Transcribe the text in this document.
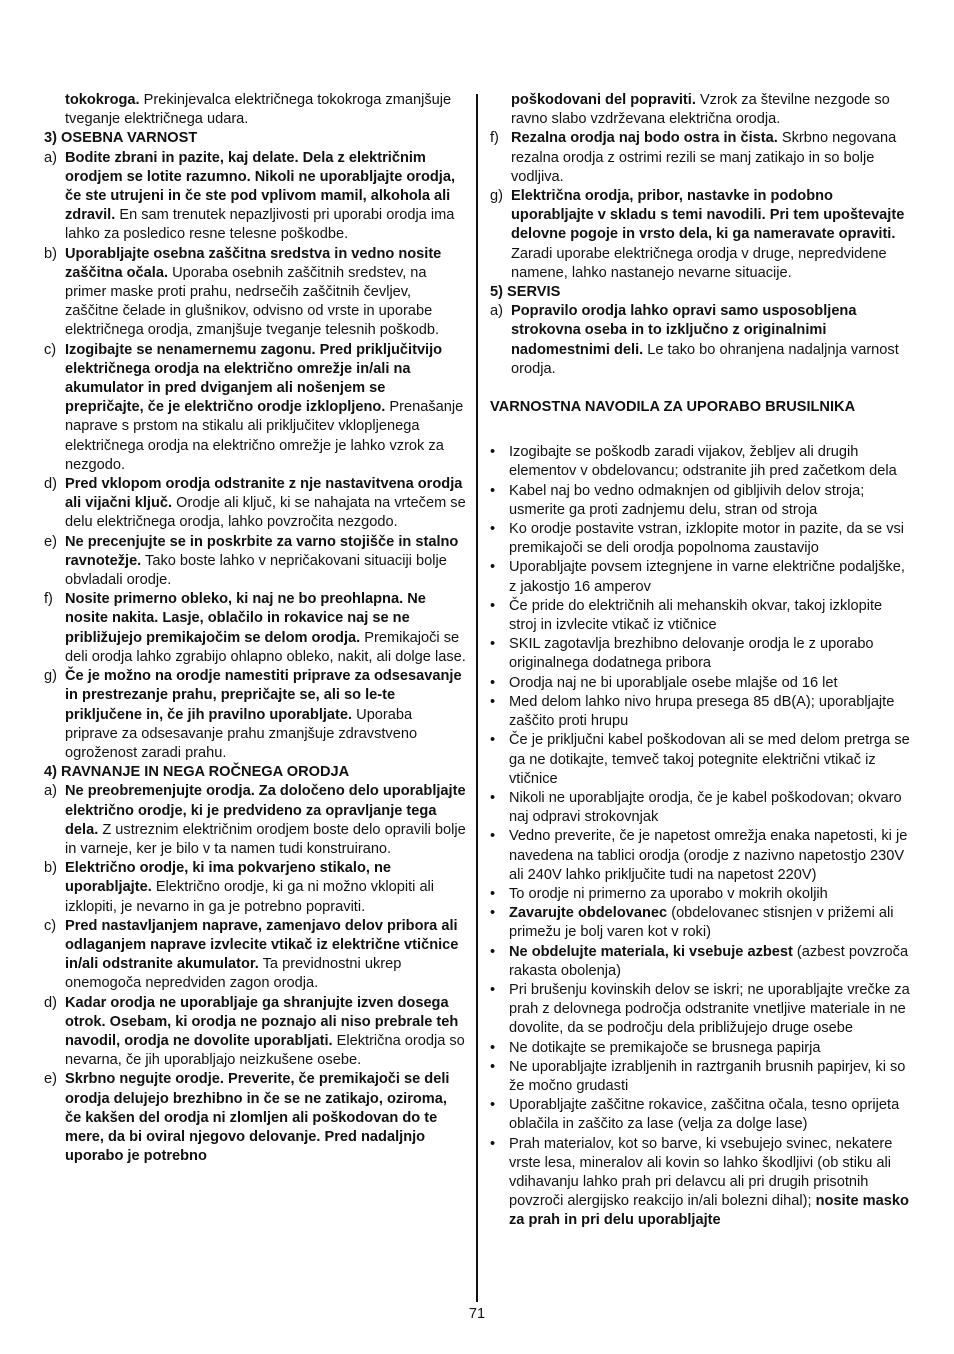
tokokroga. Prekinjevalca električnega tokokroga zmanjšuje tveganje električnega udara.
3) OSEBNA VARNOST
a) Bodite zbrani in pazite, kaj delate. Dela z električnim orodjem se lotite razumno. Nikoli ne uporabljajte orodja, če ste utrujeni in če ste pod vplivom mamil, alkohola ali zdravil. En sam trenutek nepazljivosti pri uporabi orodja ima lahko za posledico resne telesne poškodbe.
b) Uporabljajte osebna zaščitna sredstva in vedno nosite zaščitna očala. Uporaba osebnih zaščitnih sredstev, na primer maske proti prahu, nedrsečih zaščitnih čevljev, zaščitne čelade in glušnikov, odvisno od vrste in uporabe električnega orodja, zmanjšuje tveganje telesnih poškodb.
c) Izogibajte se nenamernemu zagonu. Pred priključitvijo električnega orodja na električno omrežje in/ali na akumulator in pred dviganjem ali nošenjem se prepričajte, če je električno orodje izklopljeno. Prenašanje naprave s prstom na stikalu ali priključitev vklopljenega električnega orodja na električno omrežje je lahko vzrok za nezgodo.
d) Pred vklopom orodja odstranite z nje nastavitvena orodja ali vijačni ključ. Orodje ali ključ, ki se nahajata na vrtečem se delu električnega orodja, lahko povzročita nezgodo.
e) Ne precenjujte se in poskrbite za varno stojišče in stalno ravnotežje. Tako boste lahko v nepričakovani situaciji bolje obvladali orodje.
f) Nosite primerno obleko, ki naj ne bo preohlapna. Ne nosite nakita. Lasje, oblačilo in rokavice naj se ne približujejo premikajočim se delom orodja. Premikajoči se deli orodja lahko zgrabijo ohlapno obleko, nakit, ali dolge lase.
g) Če je možno na orodje namestiti priprave za odsesavanje in prestrezanje prahu, prepričajte se, ali so le-te priključene in, če jih pravilno uporabljate. Uporaba priprave za odsesavanje prahu zmanjšuje zdravstveno ogroženost zaradi prahu.
4) RAVNANJE IN NEGA ROČNEGA ORODJA
a) Ne preobremenjujte orodja. Za določeno delo uporabljajte električno orodje, ki je predvideno za opravljanje tega dela. Z ustreznim električnim orodjem boste delo opravili bolje in varneje, ker je bilo v ta namen tudi konstruirano.
b) Električno orodje, ki ima pokvarjeno stikalo, ne uporabljajte. Električno orodje, ki ga ni možno vklopiti ali izklopiti, je nevarno in ga je potrebno popraviti.
c) Pred nastavljanjem naprave, zamenjavo delov pribora ali odlaganjem naprave izvlecite vtikač iz električne vtičnice in/ali odstranite akumulator. Ta previdnostni ukrep onemogoča nepredviden zagon orodja.
d) Kadar orodja ne uporabljaje ga shranjujte izven dosega otrok. Osebam, ki orodja ne poznajo ali niso prebrale teh navodil, orodja ne dovolite uporabljati. Električna orodja so nevarna, če jih uporabljajo neizkušene osebe.
e) Skrbno negujte orodje. Preverite, če premikajoči se deli orodja delujejo brezhibno in če se ne zatikajo, oziroma, če kakšen del orodja ni zlomljen ali poškodovan do te mere, da bi oviral njegovo delovanje. Pred nadaljnjo uporabo je potrebno
poškodovani del popraviti. Vzrok za številne nezgode so ravno slabo vzdrževana električna orodja.
f) Rezalna orodja naj bodo ostra in čista. Skrbno negovana rezalna orodja z ostrimi rezili se manj zatikajo in so bolje vodljiva.
g) Električna orodja, pribor, nastavke in podobno uporabljajte v skladu s temi navodili. Pri tem upoštevajte delovne pogoje in vrsto dela, ki ga nameravate opraviti. Zaradi uporabe električnega orodja v druge, nepredvidene namene, lahko nastanejo nevarne situacije.
5) SERVIS
a) Popravilo orodja lahko opravi samo usposobljena strokovna oseba in to izključno z originalnimi nadomestnimi deli. Le tako bo ohranjena nadaljnja varnost orodja.
VARNOSTNA NAVODILA ZA UPORABO BRUSILNIKA
• Izogibajte se poškodb zaradi vijakov, žebljev ali drugih elementov v obdelovancu; odstranite jih pred začetkom dela
• Kabel naj bo vedno odmaknjen od gibljivih delov stroja; usmerite ga proti zadnjemu delu, stran od stroja
• Ko orodje postavite vstran, izklopite motor in pazite, da se vsi premikajoči se deli orodja popolnoma zaustavijo
• Uporabljajte povsem iztegnjene in varne električne podaljške, z jakostjo 16 amperov
• Če pride do električnih ali mehanskih okvar, takoj izklopite stroj in izvlecite vtikač iz vtičnice
• SKIL zagotavlja brezhibno delovanje orodja le z uporabo originalnega dodatnega pribora
• Orodja naj ne bi uporabljale osebe mlajše od 16 let
• Med delom lahko nivo hrupa presega 85 dB(A); uporabljajte zaščito proti hrupu
• Če je priključni kabel poškodovan ali se med delom pretrga se ga ne dotikajte, temveč takoj potegnite električni vtikač iz vtičnice
• Nikoli ne uporabljajte orodja, če je kabel poškodovan; okvaro naj odpravi strokovnjak
• Vedno preverite, če je napetost omrežja enaka napetosti, ki je navedena na tablici orodja (orodje z nazivno napetostjo 230V ali 240V lahko priključite tudi na napetost 220V)
• To orodje ni primerno za uporabo v mokrih okoljih
• Zavarujte obdelovanec (obdelovanec stisnjen v prižemi ali primežu je bolj varen kot v roki)
• Ne obdelujte materiala, ki vsebuje azbest (azbest povzroča rakasta obolenja)
• Pri brušenju kovinskih delov se iskri; ne uporabljajte vrečke za prah z delovnega področja odstranite vnetljive materiale in ne dovolite, da se področju dela približujejo druge osebe
• Ne dotikajte se premikajoče se brusnega papirja
• Ne uporabljajte izrabljenih in raztrganih brusnih papirjev, ki so že močno grudasti
• Uporabljajte zaščitne rokavice, zaščitna očala, tesno oprijeta oblačila in zaščito za lase (velja za dolge lase)
• Prah materialov, kot so barve, ki vsebujejo svinec, nekatere vrste lesa, mineralov ali kovin so lahko škodljivi (ob stiku ali vdihavanju lahko prah pri delavcu ali pri drugih prisotnih povzroči alergijsko reakcijo in/ali bolezni dihal); nosite masko za prah in pri delu uporabljajte
71
